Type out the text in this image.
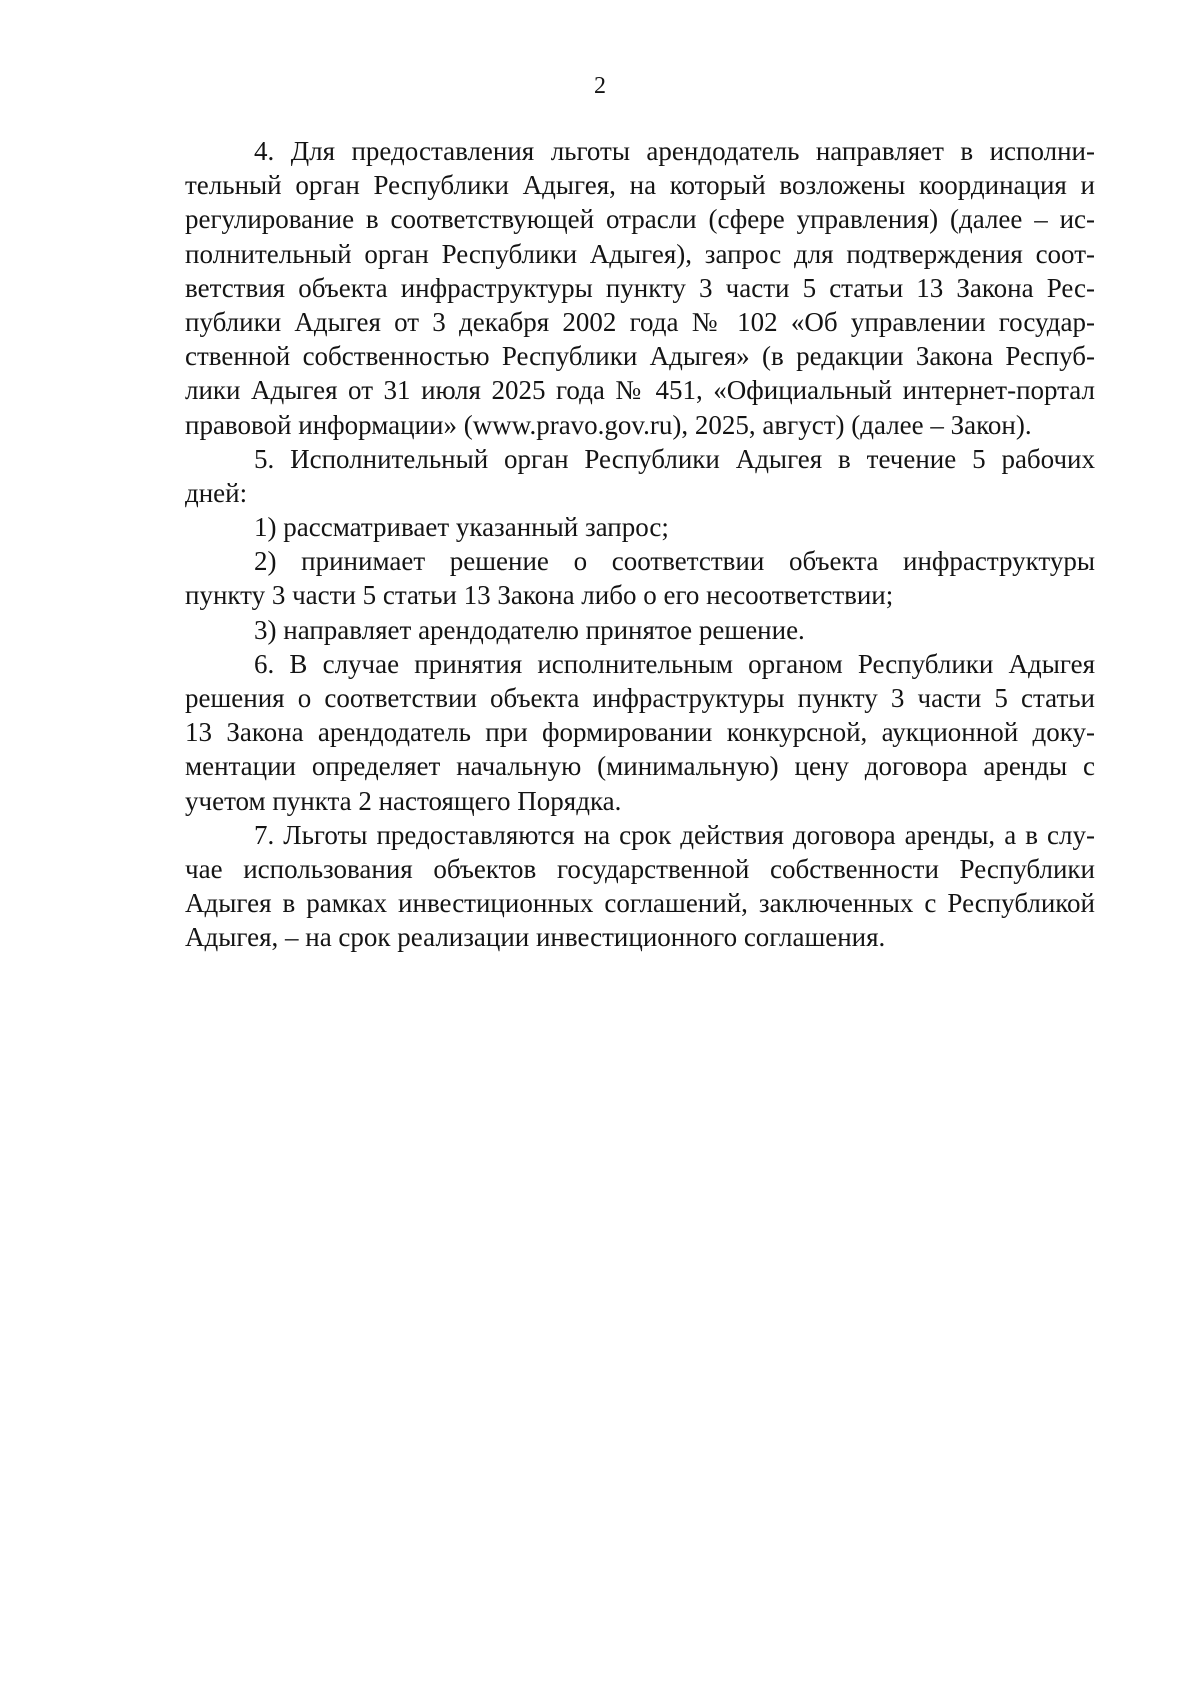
2
4. Для предоставления льготы арендодатель направляет в исполни-
тельный орган Республики Адыгея, на который возложены координация и
регулирование в соответствующей отрасли (сфере управления) (далее – ис-
полнительный орган Республики Адыгея), запрос для подтверждения соот-
ветствия объекта инфраструктуры пункту 3 части 5 статьи 13 Закона Рес-
публики Адыгея от 3 декабря 2002 года № 102 «Об управлении государ-
ственной собственностью Республики Адыгея» (в редакции Закона Респуб-
лики Адыгея от 31 июля 2025 года № 451, «Официальный интернет-портал
правовой информации» (www.pravo.gov.ru), 2025, август) (далее – Закон).
5. Исполнительный орган Республики Адыгея в течение 5 рабочих
дней:
1) рассматривает указанный запрос;
2) принимает решение о соответствии объекта инфраструктуры
пункту 3 части 5 статьи 13 Закона либо о его несоответствии;
3) направляет арендодателю принятое решение.
6. В случае принятия исполнительным органом Республики Адыгея
решения о соответствии объекта инфраструктуры пункту 3 части 5 статьи
13 Закона арендодатель при формировании конкурсной, аукционной доку-
ментации определяет начальную (минимальную) цену договора аренды с
учетом пункта 2 настоящего Порядка.
7. Льготы предоставляются на срок действия договора аренды, а в слу-
чае использования объектов государственной собственности Республики
Адыгея в рамках инвестиционных соглашений, заключенных с Республикой
Адыгея, – на срок реализации инвестиционного соглашения.
